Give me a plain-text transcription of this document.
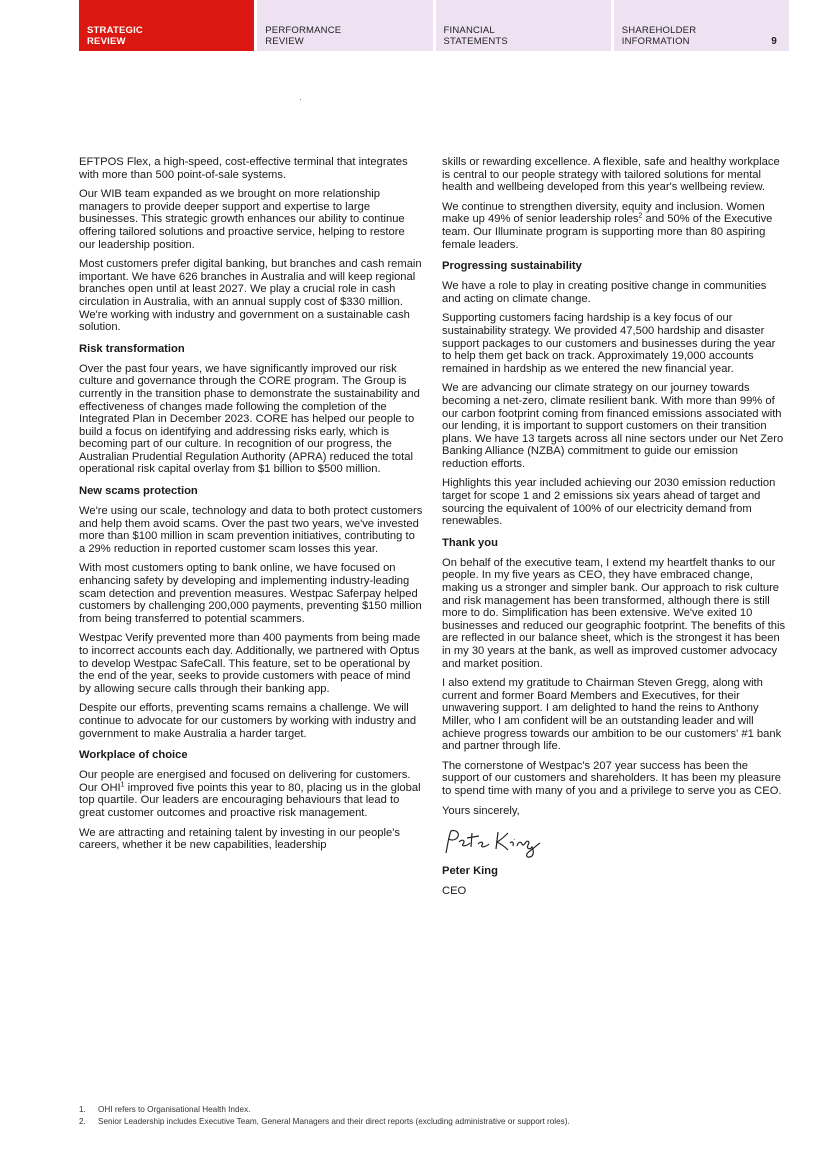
STRATEGIC
REVIEW
PERFORMANCE
REVIEW
FINANCIAL
STATEMENTS
SHAREHOLDER
INFORMATION	9

EFTPOS Flex, a high-speed, cost-effective terminal that integrates with more than 500 point-of-sale systems.

Our WIB team expanded as we brought on more relationship managers to provide deeper support and expertise to large businesses. This strategic growth enhances our ability to continue offering tailored solutions and proactive service, helping to restore our leadership position.

Most customers prefer digital banking, but branches and cash remain important. We have 626 branches in Australia and will keep regional branches open until at least 2027. We play a crucial role in cash circulation in Australia, with an annual supply cost of $330 million. We're working with industry and government on a sustainable cash solution.

Risk transformation

Over the past four years, we have significantly improved our risk culture and governance through the CORE program. The Group is currently in the transition phase to demonstrate the sustainability and effectiveness of changes made following the completion of the Integrated Plan in December 2023. CORE has helped our people to build a focus on identifying and addressing risks early, which is becoming part of our culture. In recognition of our progress, the Australian Prudential Regulation Authority (APRA) reduced the total operational risk capital overlay from $1 billion to $500 million.

New scams protection

We're using our scale, technology and data to both protect customers and help them avoid scams. Over the past two years, we've invested more than $100 million in scam prevention initiatives, contributing to a 29% reduction in reported customer scam losses this year.

With most customers opting to bank online, we have focused on enhancing safety by developing and implementing industry-leading scam detection and prevention measures. Westpac Saferpay helped customers by challenging 200,000 payments, preventing $150 million from being transferred to potential scammers.

Westpac Verify prevented more than 400 payments from being made to incorrect accounts each day. Additionally, we partnered with Optus to develop Westpac SafeCall. This feature, set to be operational by the end of the year, seeks to provide customers with peace of mind by allowing secure calls through their banking app.

Despite our efforts, preventing scams remains a challenge. We will continue to advocate for our customers by working with industry and government to make Australia a harder target.

Workplace of choice

Our people are energised and focused on delivering for customers. Our OHI$^1$ improved five points this year to 80, placing us in the global top quartile. Our leaders are encouraging behaviours that lead to great customer outcomes and proactive risk management.

We are attracting and retaining talent by investing in our people's careers, whether it be new capabilities, leadership

skills or rewarding excellence. A flexible, safe and healthy workplace is central to our people strategy with tailored solutions for mental health and wellbeing developed from this year's wellbeing review.

We continue to strengthen diversity, equity and inclusion. Women make up 49% of senior leadership roles$^2$ and 50% of the Executive team. Our Illuminate program is supporting more than 80 aspiring female leaders.

Progressing sustainability

We have a role to play in creating positive change in communities and acting on climate change.

Supporting customers facing hardship is a key focus of our sustainability strategy. We provided 47,500 hardship and disaster support packages to our customers and businesses during the year to help them get back on track. Approximately 19,000 accounts remained in hardship as we entered the new financial year.

We are advancing our climate strategy on our journey towards becoming a net-zero, climate resilient bank. With more than 99% of our carbon footprint coming from financed emissions associated with our lending, it is important to support customers on their transition plans. We have 13 targets across all nine sectors under our Net Zero Banking Alliance (NZBA) commitment to guide our emission reduction efforts.

Highlights this year included achieving our 2030 emission reduction target for scope 1 and 2 emissions six years ahead of target and sourcing the equivalent of 100% of our electricity demand from renewables.

Thank you

On behalf of the executive team, I extend my heartfelt thanks to our people. In my five years as CEO, they have embraced change, making us a stronger and simpler bank. Our approach to risk culture and risk management has been transformed, although there is still more to do. Simplification has been extensive. We've exited 10 businesses and reduced our geographic footprint. The benefits of this are reflected in our balance sheet, which is the strongest it has been in my 30 years at the bank, as well as improved customer advocacy and market position.

I also extend my gratitude to Chairman Steven Gregg, along with current and former Board Members and Executives, for their unwavering support. I am delighted to hand the reins to Anthony Miller, who I am confident will be an outstanding leader and will achieve progress towards our ambition to be our customers' #1 bank and partner through life.

The cornerstone of Westpac's 207 year success has been the support of our customers and shareholders. It has been my pleasure to spend time with many of you and a privilege to serve you as CEO.

Yours sincerely,

Peter King

CEO

1.	OHI refers to Organisational Health Index.
2.	Senior Leadership includes Executive Team, General Managers and their direct reports (excluding administrative or support roles).
